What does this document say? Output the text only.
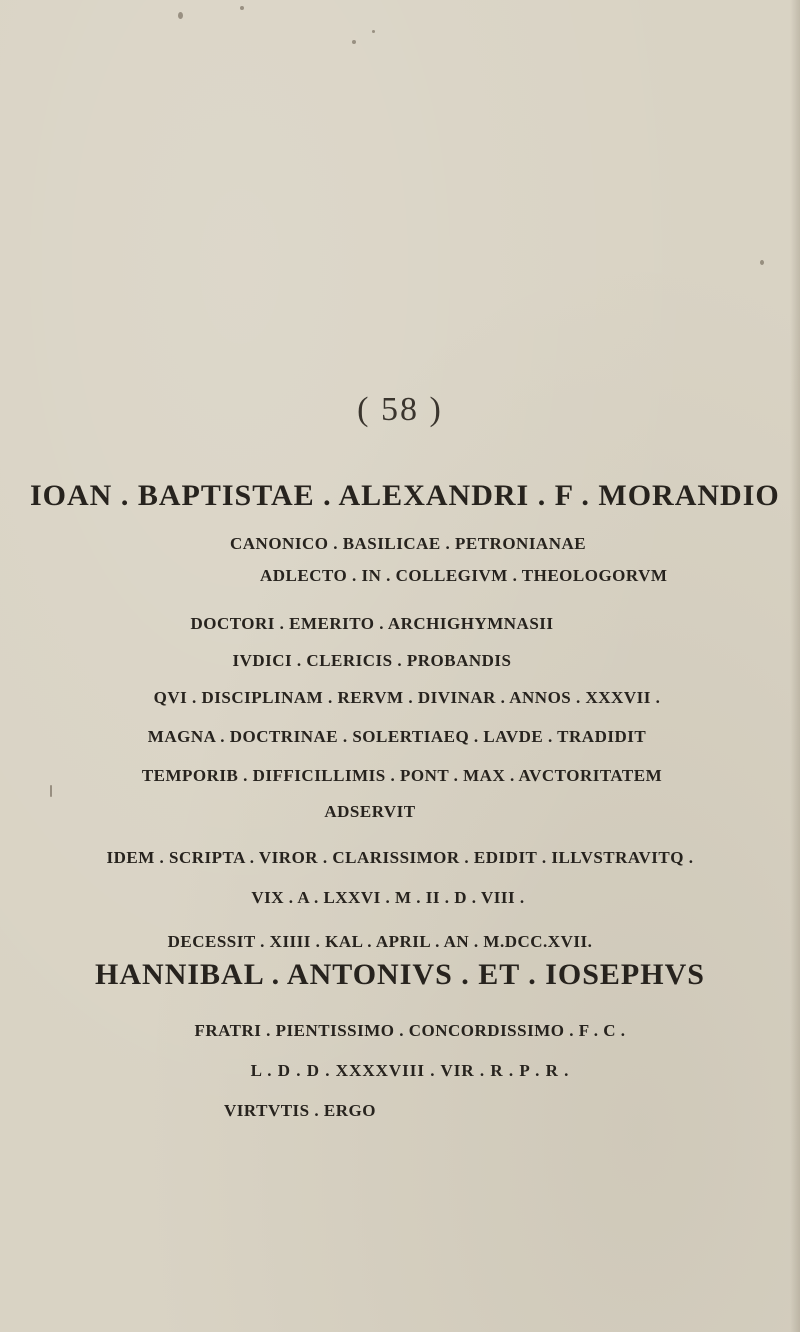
( 58 )
IOAN . BAPTISTAE . ALEXANDRI . F . MORANDIO
CANONICO . BASILICAE . PETRONIANAE
ADLECTO . IN . COLLEGIVM . THEOLOGORVM
DOCTORI . EMERITO . ARCHIGHYMNASII
IVDICI . CLERICIS . PROBANDIS
QVI . DISCIPLINAM . RERVM . DIVINAR . ANNOS . XXXVII .
MAGNA . DOCTRINAE . SOLERTIAEQ . LAVDE . TRADIDIT
TEMPORIB . DIFFICILLIMIS . PONT . MAX . AVCTORITATEM
ADSERVIT
IDEM . SCRIPTA . VIROR . CLARISSIMOR . EDIDIT . ILLVSTRAVITQ .
VIX . A . LXXVI . M . II . D . VIII .
DECESSIT . XIIII . KAL . APRIL . AN . M.DCC.XVII.
HANNIBAL . ANTONIVS . ET . IOSEPHVS
FRATRI . PIENTISSIMO . CONCORDISSIMO . F . C .
L . D . D . XXXXVIII . VIR . R . P . R .
VIRTVTIS . ERGO
